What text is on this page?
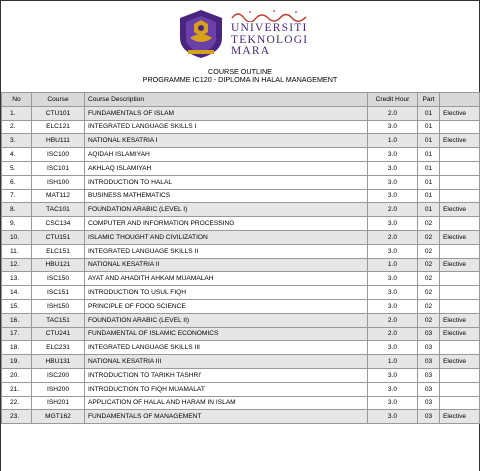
UNIVERSITI
TEKNOLOGI
MARA
COURSE OUTLINE
PROGRAMME IC120 - DIPLOMA IN HALAL MANAGEMENT
No	Course	Course Description	Credit Hour	Part	
1.	CTU101	FUNDAMENTALS OF ISLAM	2.0	01	Elective
2.	ELC121	INTEGRATED LANGUAGE SKILLS I	3.0	01	
3.	HBU111	NATIONAL KESATRIA I	1.0	01	Elective
4.	ISC100	AQIDAH ISLAMIYAH	3.0	01	
5.	ISC101	AKHLAQ ISLAMIYAH	3.0	01	
6.	ISH100	INTRODUCTION TO HALAL	3.0	01	
7.	MAT112	BUSINESS MATHEMATICS	3.0	01	
8.	TAC101	FOUNDATION ARABIC (LEVEL I)	2.0	01	Elective
9.	CSC134	COMPUTER AND INFORMATION PROCESSING	3.0	02	
10.	CTU151	ISLAMIC THOUGHT AND CIVILIZATION	2.0	02	Elective
11.	ELC151	INTEGRATED LANGUAGE SKILLS II	3.0	02	
12.	HBU121	NATIONAL KESATRIA II	1.0	02	Elective
13.	ISC150	AYAT AND AHADITH AHKAM MUAMALAH	3.0	02	
14.	ISC151	INTRODUCTION TO USUL FIQH	3.0	02	
15.	ISH150	PRINCIPLE OF FOOD SCIENCE	3.0	02	
16.	TAC151	FOUNDATION ARABIC (LEVEL II)	2.0	02	Elective
17.	CTU241	FUNDAMENTAL OF ISLAMIC ECONOMICS	2.0	03	Elective
18.	ELC231	INTEGRATED LANGUAGE SKILLS III	3.0	03	
19.	HBU131	NATIONAL KESATRIA III	1.0	03	Elective
20.	ISC200	INTRODUCTION TO TARIKH TASHRI'	3.0	03	
21.	ISH200	INTRODUCTION TO FIQH MUAMALAT	3.0	03	
22.	ISH201	APPLICATION OF HALAL AND HARAM IN ISLAM	3.0	03	
23.	MGT162	FUNDAMENTALS OF MANAGEMENT	3.0	03	Elective
